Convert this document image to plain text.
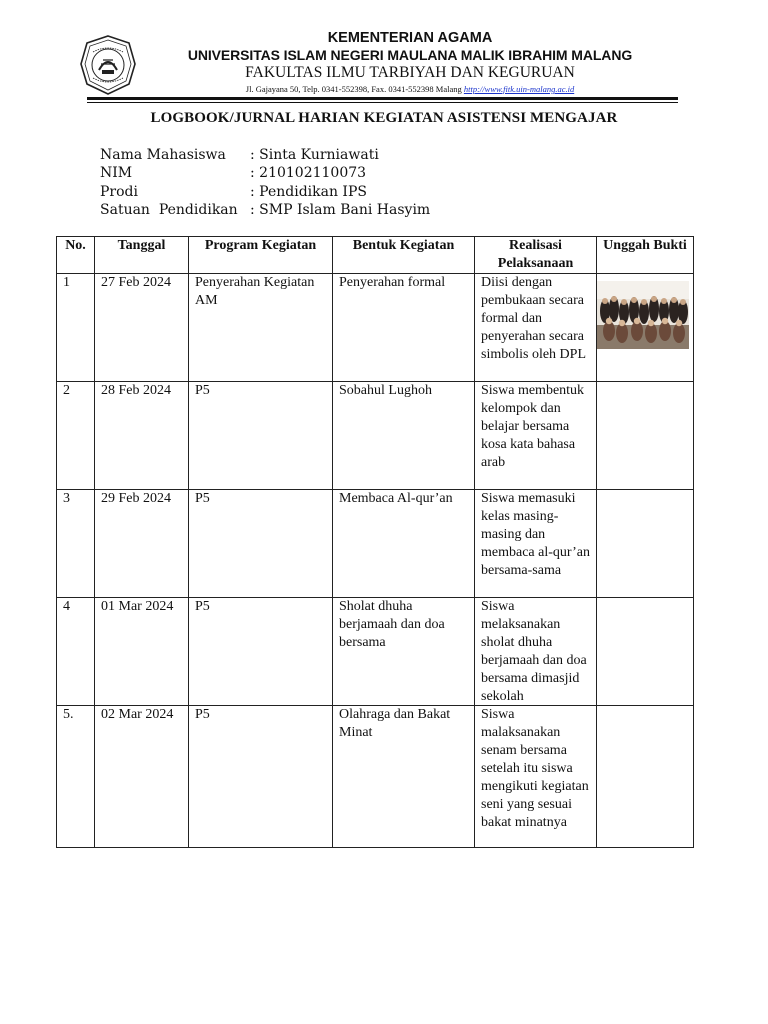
KEMENTERIAN AGAMA
UNIVERSITAS ISLAM NEGERI MAULANA MALIK IBRAHIM MALANG
FAKULTAS ILMU TARBIYAH DAN KEGURUAN
Jl. Gajayana 50, Telp. 0341-552398, Fax. 0341-552398 Malang http://www.fitk.uin-malang.ac.id
LOGBOOK/JURNAL HARIAN KEGIATAN ASISTENSI MENGAJAR
Nama Mahasiswa	: Sinta Kurniawati
NIM	: 210102110073
Prodi	: Pendidikan IPS
Satuan  Pendidikan : SMP Islam Bani Hasyim
No.	Tanggal	Program Kegiatan	Bentuk Kegiatan	Realisasi Pelaksanaan	Unggah Bukti
1	27 Feb 2024	Penyerahan Kegiatan AM	Penyerahan formal	Diisi dengan pembukaan secara formal dan penyerahan secara simbolis oleh DPL	

2	28 Feb 2024	P5	Sobahul Lughoh	Siswa membentuk kelompok dan belajar bersama kosa kata bahasa arab	
3	29 Feb 2024	P5	Membaca Al-qur’an	Siswa memasuki kelas masing-masing dan membaca al-qur’an bersama-sama	
4	01 Mar 2024	P5	Sholat dhuha berjamaah dan doa bersama	Siswa melaksanakan sholat dhuha berjamaah dan doa bersama dimasjid sekolah	
5.	02 Mar 2024	P5	Olahraga dan Bakat Minat	Siswa malaksanakan senam bersama setelah itu siswa mengikuti kegiatan seni yang sesuai bakat minatnya	
